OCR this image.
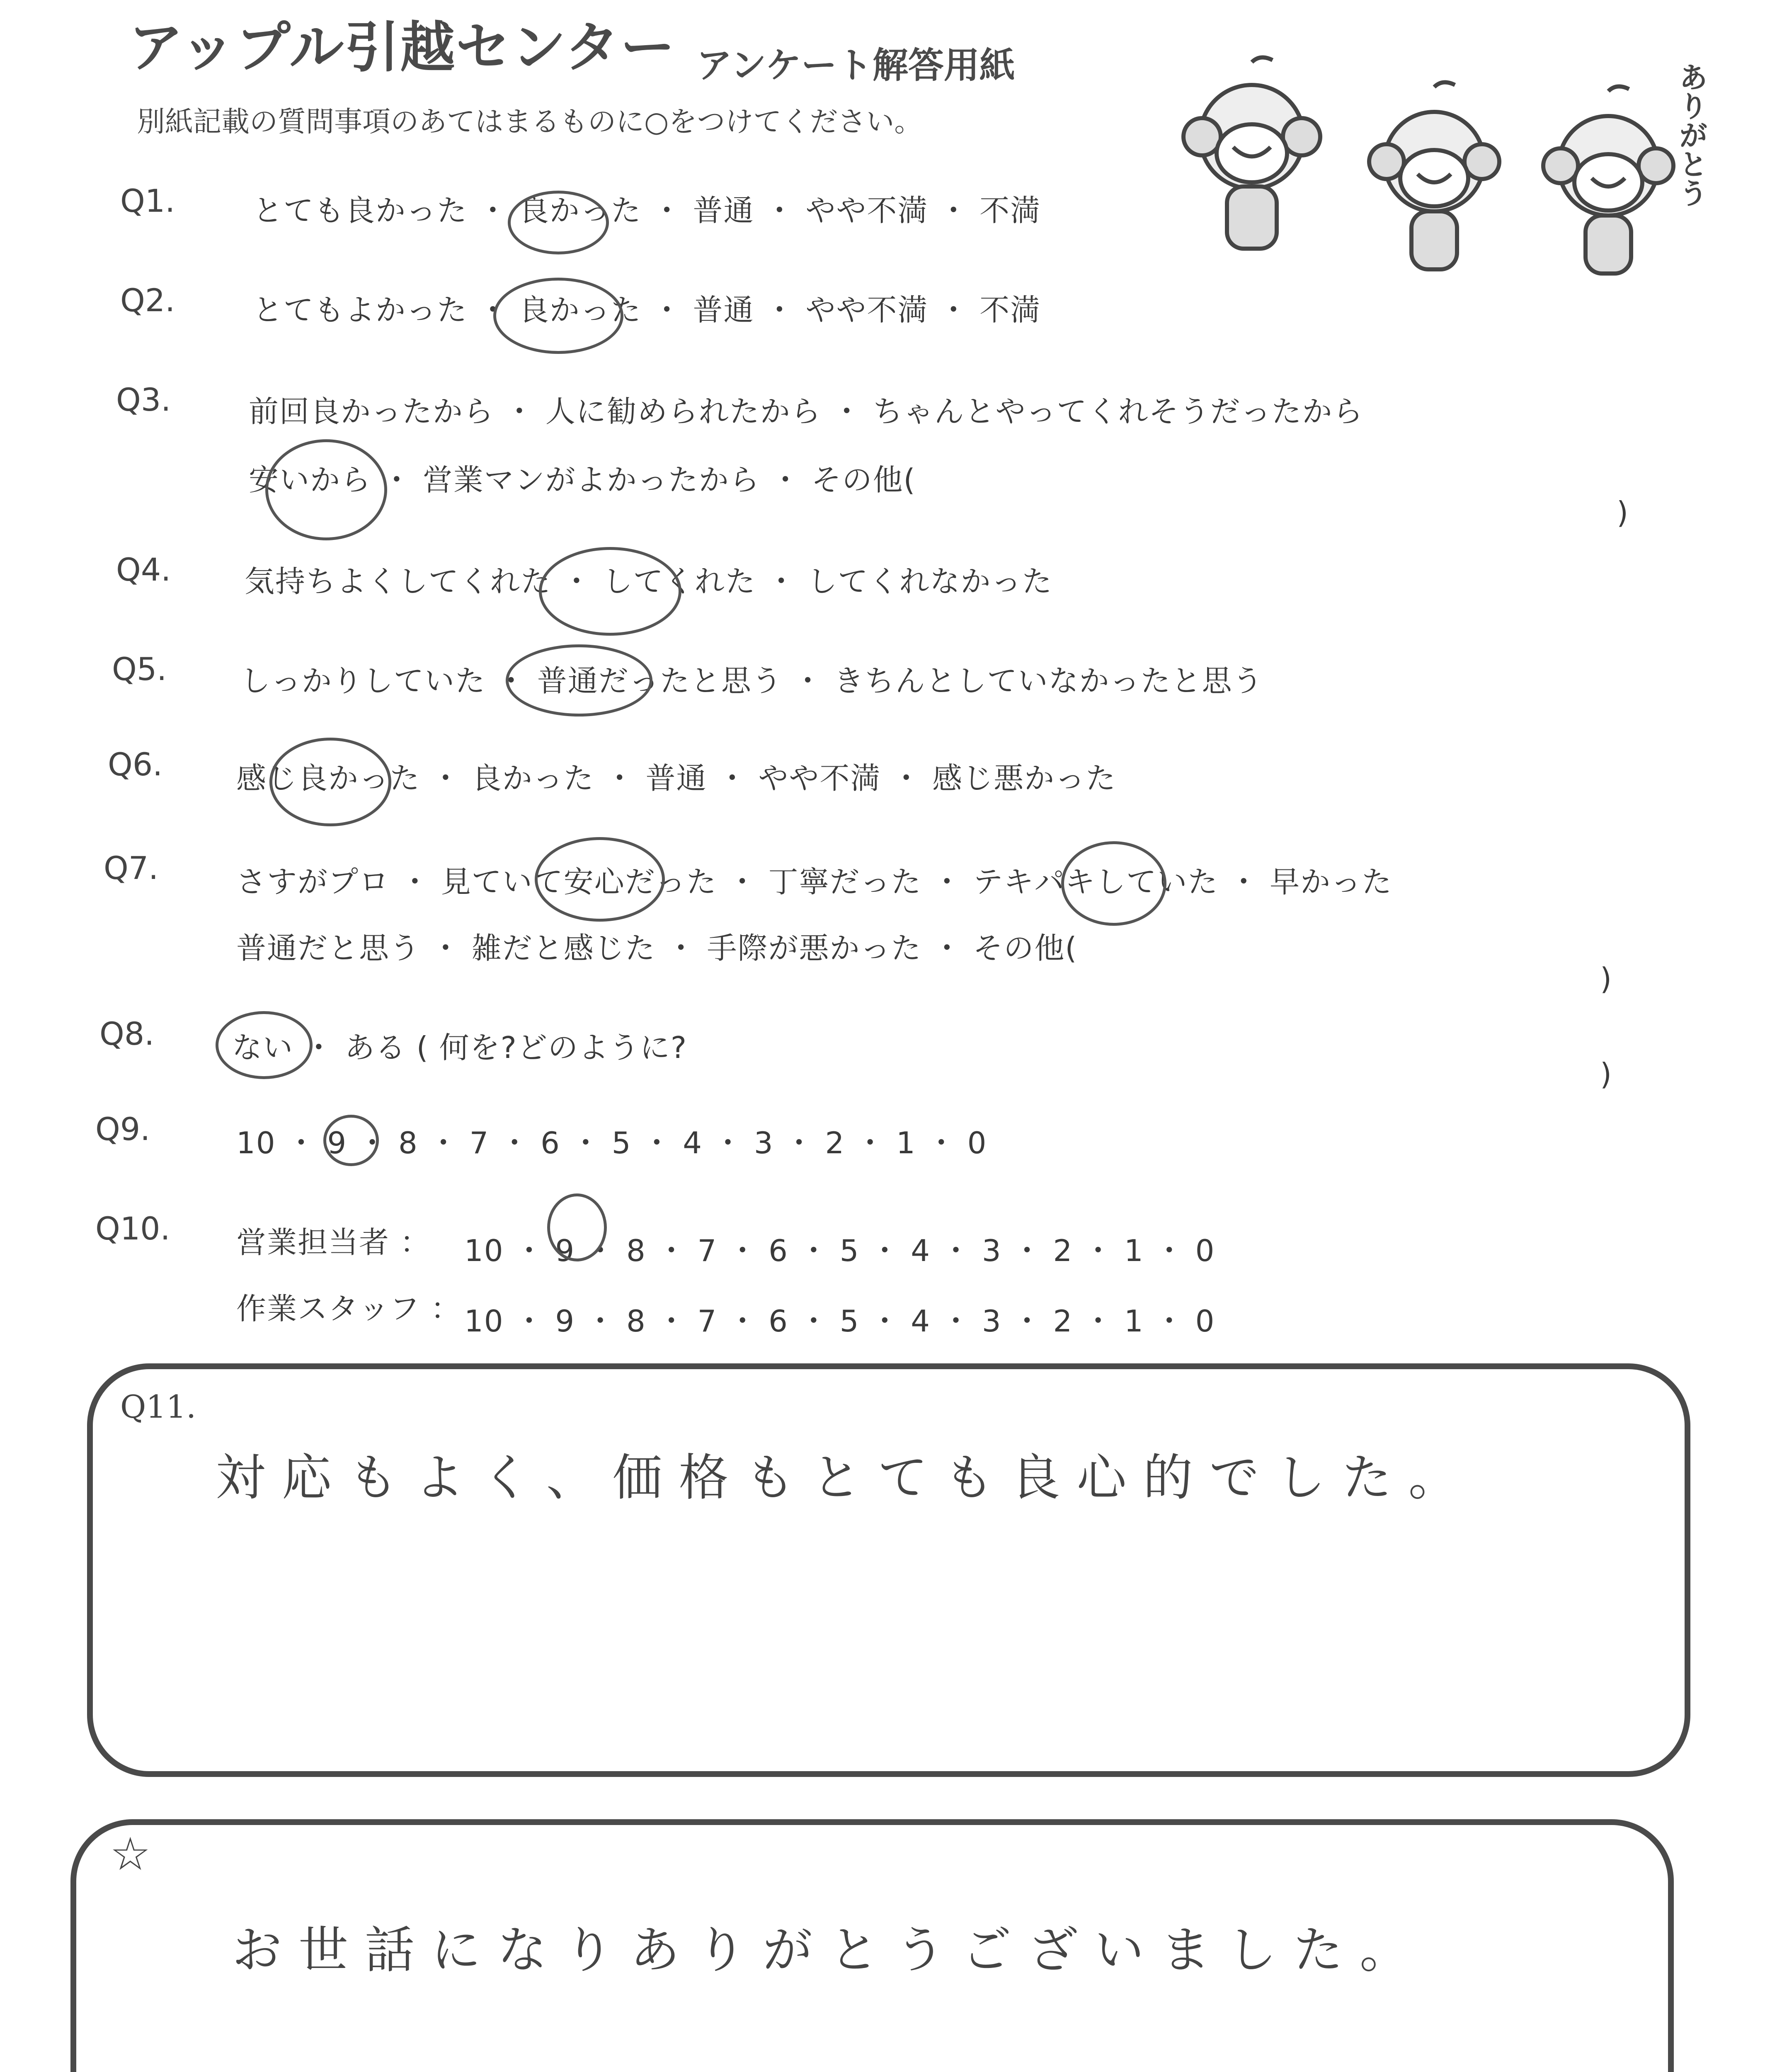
アップル引越センター アンケート解答用紙
別紙記載の質問事項のあてはまるものに○をつけてください。	ありがとう
Q1.	とても良かった ・ 良かった ・ 普通 ・ やや不満 ・ 不満
Q2.	とてもよかった ・ 良かった ・ 普通 ・ やや不満 ・ 不満
Q3.	前回良かったから ・ 人に勧められたから ・ ちゃんとやってくれそうだったから
安いから ・ 営業マンがよかったから ・ その他(
)
Q4. 気持ちよくしてくれた ・ してくれた ・ してくれなかった
Q5. しっかりしていた ・ 普通だったと思う ・ きちんとしていなかったと思う
Q6. 感じ良かった ・ 良かった ・ 普通 ・ やや不満 ・ 感じ悪かった
Q7.	さすがプロ ・ 見ていて安心だった ・ 丁寧だった ・ テキパキしていた ・ 早かった
普通だと思う ・ 雑だと感じた ・ 手際が悪かった ・ その他(
)
Q8.	ない ・ ある ( 何を?どのように?
)
Q9.	10 ・ 9 ・ 8 ・ 7 ・ 6 ・ 5 ・ 4 ・ 3 ・ 2 ・ 1 ・ 0
Q10. 営業担当者 ： 10 ・ 9 ・ 8 ・ 7 ・ 6 ・ 5 ・ 4 ・ 3 ・ 2 ・ 1 ・ 0
作業スタッフ ： 10 ・ 9 ・ 8 ・ 7 ・ 6 ・ 5 ・ 4 ・ 3 ・ 2 ・ 1 ・ 0
Q11.
対応もよく、価格もとても良心的でした。
☆
お世話になりありがとうございました。
